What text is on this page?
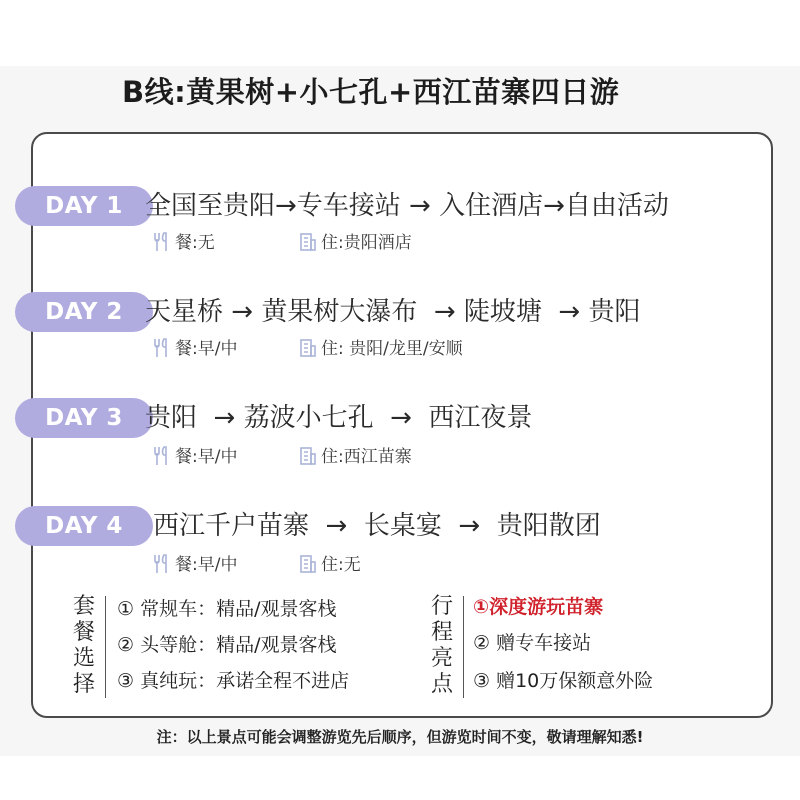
B线:黄果树+小七孔+西江苗寨四日游
DAY 1 全国至贵阳→专车接站 → 入住酒店→自由活动
餐:无	住:贵阳酒店
DAY 2 天星桥 → 黄果树大瀑布  → 陡坡塘  → 贵阳
餐:早/中	住: 贵阳/龙里/安顺
DAY 3 贵阳  → 荔波小七孔  →  西江夜景
餐:早/中	住:西江苗寨
DAY 4	西江千户苗寨  →  长桌宴  →  贵阳散团
餐:早/中	住:无
套
餐
选
择
① 常规车：精品/观景客栈
② 头等舱：精品/观景客栈
③ 真纯玩：承诺全程不进店
行
程
亮
点
①深度游玩苗寨
② 赠专车接站
③ 赠10万保额意外险
注：以上景点可能会调整游览先后顺序，但游览时间不变，敬请理解知悉!
